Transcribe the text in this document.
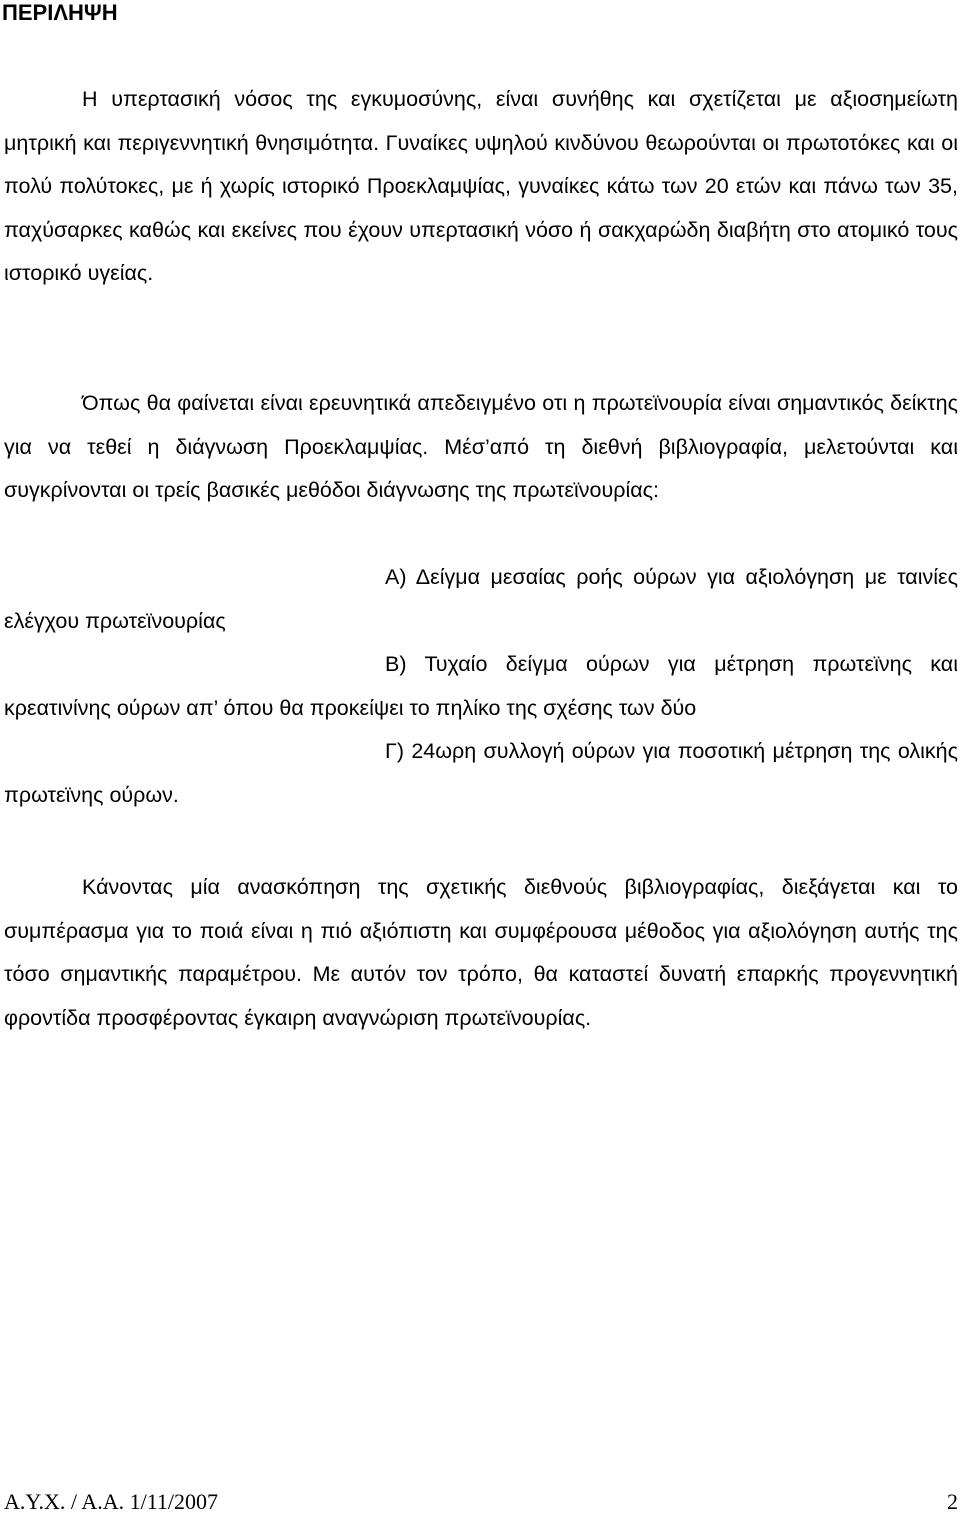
ΠΕΡΙΛΗΨΗ

Η υπερτασική νόσος της εγκυμοσύνης, είναι συνήθης και σχετίζεται με αξιοσημείωτη μητρική και περιγεννητική θνησιμότητα. Γυναίκες υψηλού κινδύνου θεωρούνται οι πρωτοτόκες και οι πολύ πολύτοκες, με ή χωρίς ιστορικό Προεκλαμψίας, γυναίκες κάτω των 20 ετών και πάνω των 35, παχύσαρκες καθώς και εκείνες που έχουν υπερτασική νόσο ή σακχαρώδη διαβήτη στο ατομικό τους ιστορικό υγείας.

Όπως θα φαίνεται είναι ερευνητικά απεδειγμένο οτι η πρωτεϊνουρία είναι σημαντικός δείκτης για να τεθεί η διάγνωση Προεκλαμψίας. Μέσ’από τη διεθνή βιβλιογραφία, μελετούνται και συγκρίνονται οι τρείς βασικές μεθόδοι διάγνωσης της πρωτεϊνουρίας:

Α) Δείγμα μεσαίας ροής ούρων για αξιολόγηση με ταινίες ελέγχου πρωτεϊνουρίας

Β) Τυχαίο δείγμα ούρων για μέτρηση πρωτεϊνης και κρεατινίνης ούρων απ’ όπου θα προκείψει το πηλίκο της σχέσης των δύο

Γ) 24ωρη συλλογή ούρων για ποσοτική μέτρηση της ολικής πρωτεϊνης ούρων.

Κάνοντας μία ανασκόπηση της σχετικής διεθνούς βιβλιογραφίας, διεξάγεται και το συμπέρασμα για το ποιά είναι η πιό αξιόπιστη και συμφέρουσα μέθοδος για αξιολόγηση αυτής της τόσο σημαντικής παραμέτρου. Με αυτόν τον τρόπο, θα καταστεί δυνατή επαρκής προγεννητική φροντίδα προσφέροντας έγκαιρη αναγνώριση πρωτεϊνουρίας.

Α.Υ.Χ. / Α.Α. 1/11/2007	2
